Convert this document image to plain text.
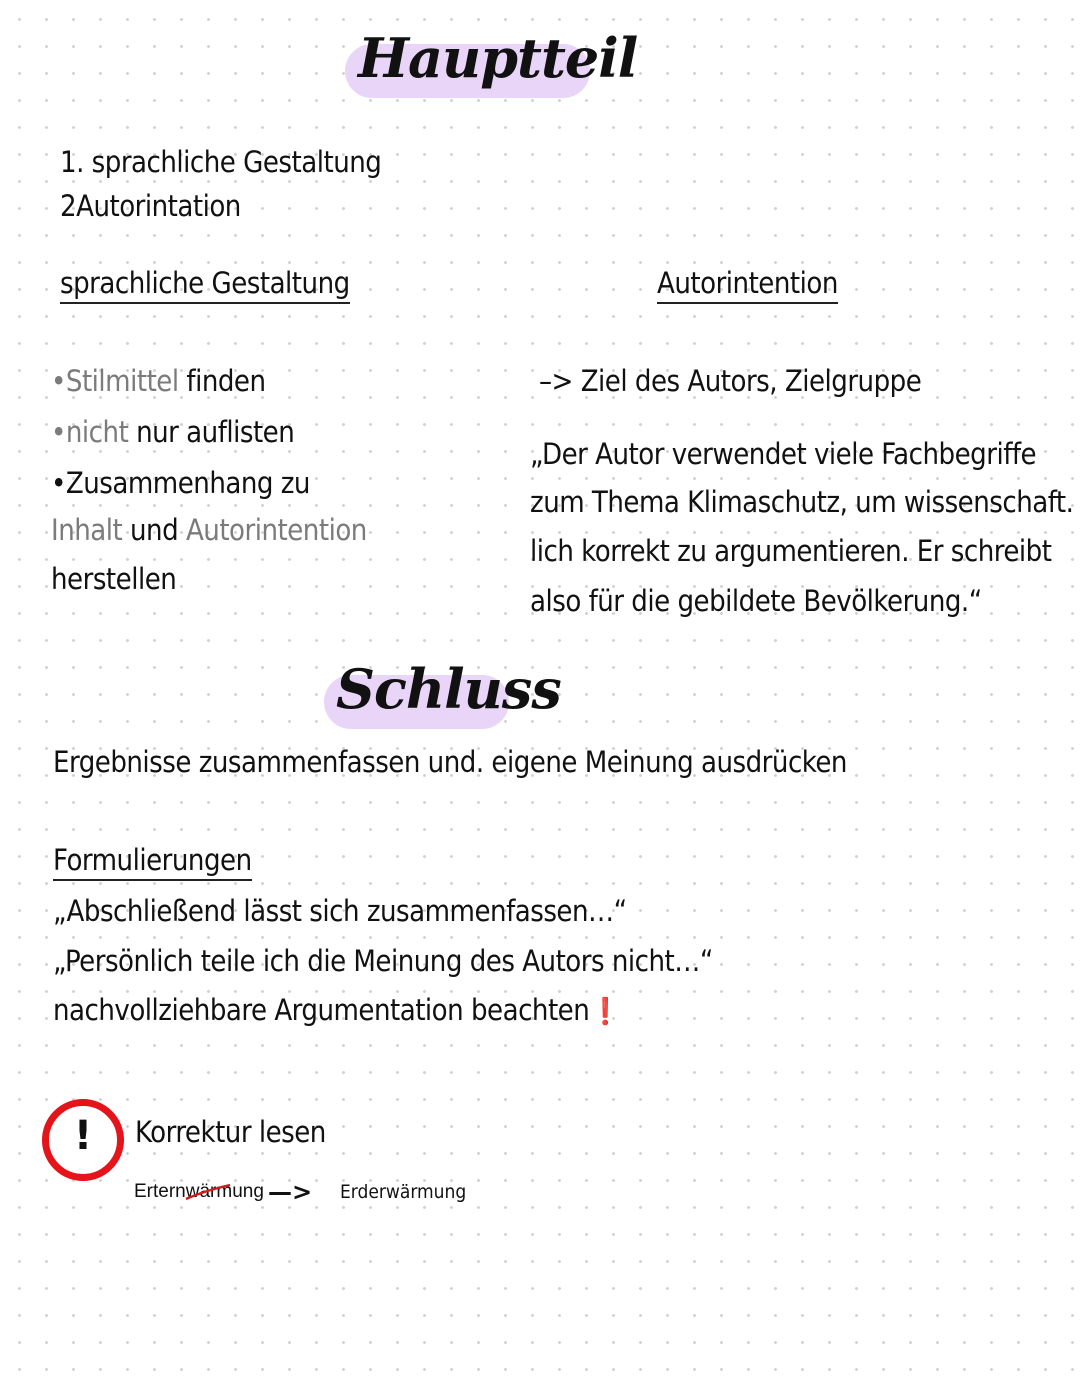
Hauptteil
1. sprachliche Gestaltung
2Autorintation
sprachliche Gestaltung
•Stilmittel finden
•nicht nur auflisten
•Zusammenhang zu
Inhalt und Autorintention
herstellen
Autorintention
–> Ziel des Autors, Zielgruppe
„Der Autor verwendet viele Fachbegriffe
zum Thema Klimaschutz, um wissenschaft.
lich korrekt zu argumentieren. Er schreibt
also für die gebildete Bevölkerung.“
Schluss
Ergebnisse zusammenfassen und. eigene Meinung ausdrücken
Formulierungen
„Abschließend lässt sich zusammenfassen…“
„Persönlich teile ich die Meinung des Autors nicht…“
nachvollziehbare Argumentation beachten❗
!	Korrektur lesen
Erternwärmung —> Erderwärmung
